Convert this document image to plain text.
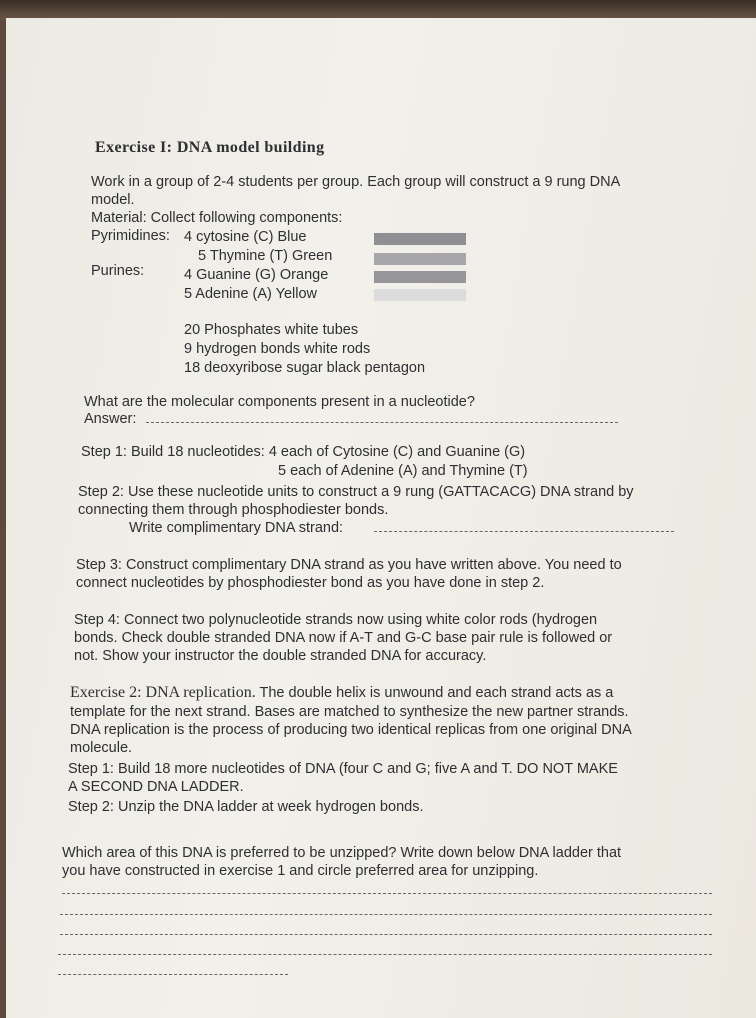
Exercise I: DNA model building

Work in a group of 2-4 students per group. Each group will construct a 9 rung DNA

model.

Material: Collect following components:

Pyrimidines: 4 cytosine (C) Blue

5 Thymine (T) Green

Purines:	4 Guanine (G) Orange

5 Adenine (A) Yellow

20 Phosphates white tubes

9 hydrogen bonds white rods

18 deoxyribose sugar black pentagon

What are the molecular components present in a nucleotide?

Answer:

Step 1: Build 18 nucleotides: 4 each of Cytosine (C) and Guanine (G)

5 each of Adenine (A) and Thymine (T)

Step 2: Use these nucleotide units to construct a 9 rung (GATTACACG) DNA strand by

connecting them through phosphodiester bonds.

Write complimentary DNA strand:

Step 3: Construct complimentary DNA strand as you have written above. You need to

connect nucleotides by phosphodiester bond as you have done in step 2.

Step 4: Connect two polynucleotide strands now using white color rods (hydrogen

bonds. Check double stranded DNA now if A-T and G-C base pair rule is followed or

not. Show your instructor the double stranded DNA for accuracy.

Exercise 2: DNA replication. The double helix is unwound and each strand acts as a

template for the next strand. Bases are matched to synthesize the new partner strands.

DNA replication is the process of producing two identical replicas from one original DNA

molecule.

Step 1: Build 18 more nucleotides of DNA (four C and G; five A and T. DO NOT MAKE

A SECOND DNA LADDER.

Step 2: Unzip the DNA ladder at week hydrogen bonds.

Which area of this DNA is preferred to be unzipped? Write down below DNA ladder that

you have constructed in exercise 1 and circle preferred area for unzipping.
